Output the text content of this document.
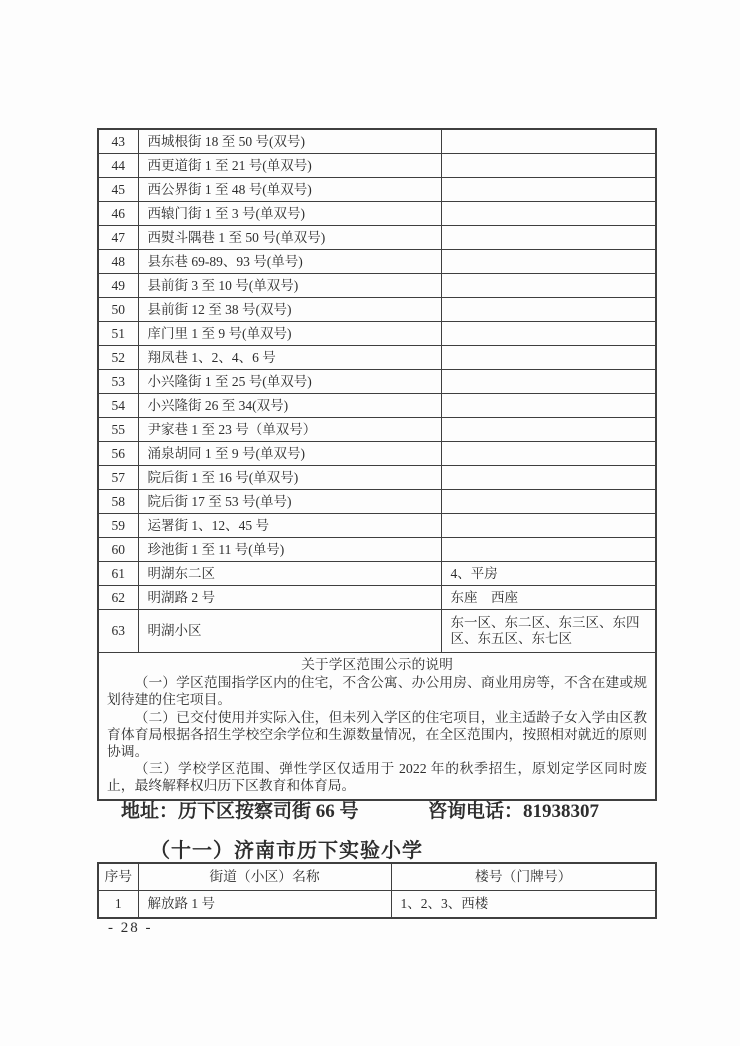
43	西城根街 18 至 50 号(双号)	
44	西更道街 1 至 21 号(单双号)	
45	西公界街 1 至 48 号(单双号)	
46	西辕门街 1 至 3 号(单双号)	
47	西熨斗隅巷 1 至 50 号(单双号)	
48	县东巷 69-89、93 号(单号)	
49	县前街 3 至 10 号(单双号)	
50	县前街 12 至 38 号(双号)	
51	庠门里 1 至 9 号(单双号)	
52	翔凤巷 1、2、4、6 号	
53	小兴隆街 1 至 25 号(单双号)	
54	小兴隆街 26 至 34(双号)	
55	尹家巷 1 至 23 号（单双号）	
56	涌泉胡同 1 至 9 号(单双号)	
57	院后街 1 至 16 号(单双号)	
58	院后街 17 至 53 号(单号)	
59	运署街 1、12、45 号	
60	珍池街 1 至 11 号(单号)	
61	明湖东二区	4、平房
62	明湖路 2 号	东座　西座
63	明湖小区	东一区、东二区、东三区、东四区、东五区、东七区

关于学区范围公示的说明

（一）学区范围指学区内的住宅，不含公寓、办公用房、商业用房等，不含在建或规划待建的住宅项目。

（二）已交付使用并实际入住，但未列入学区的住宅项目，业主适龄子女入学由区教育体育局根据各招生学校空余学位和生源数量情况，在全区范围内，按照相对就近的原则协调。

（三）学校学区范围、弹性学区仅适用于 2022 年的秋季招生，原划定学区同时废止，最终解释权归历下区教育和体育局。		

地址：历下区按察司街 66 号	咨询电话：81938307
（十一）济南市历下实验小学
序号	街道（小区）名称	楼号（门牌号）
1	解放路 1 号	1、2、3、西楼
- 28 -
